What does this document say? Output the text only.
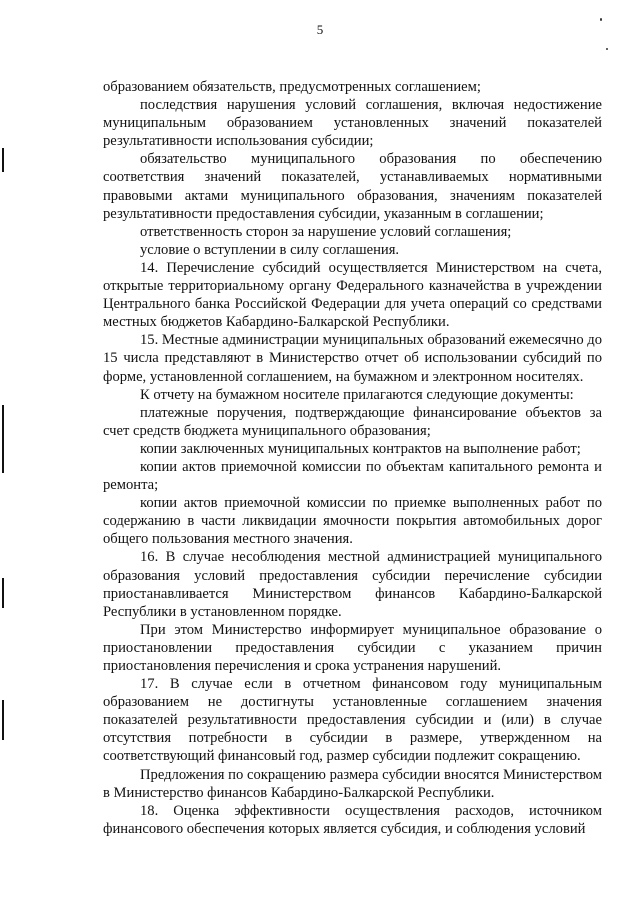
5

образованием обязательств, предусмотренных соглашением;

последствия нарушения условий соглашения, включая недостижение муниципальным образованием установленных значений показателей результативности использования субсидии;

обязательство муниципального образования по обеспечению соответствия значений показателей, устанавливаемых нормативными правовыми актами муниципального образования, значениям показателей результативности предоставления субсидии, указанным в соглашении;

ответственность сторон за нарушение условий соглашения;

условие о вступлении в силу соглашения.

14. Перечисление субсидий осуществляется Министерством на счета, открытые территориальному органу Федерального казначейства в учреждении Центрального банка Российской Федерации для учета операций со средствами местных бюджетов Кабардино-Балкарской Республики.

15. Местные администрации муниципальных образований ежемесячно до 15 числа представляют в Министерство отчет об использовании субсидий по форме, установленной соглашением, на бумажном и электронном носителях.

К отчету на бумажном носителе прилагаются следующие документы:

платежные поручения, подтверждающие финансирование объектов за счет средств бюджета муниципального образования;

копии заключенных муниципальных контрактов на выполнение работ;

копии актов приемочной комиссии по объектам капитального ремонта и ремонта;

копии актов приемочной комиссии по приемке выполненных работ по содержанию в части ликвидации ямочности покрытия автомобильных дорог общего пользования местного значения.

16. В случае несоблюдения местной администрацией муниципального образования условий предоставления субсидии перечисление субсидии приостанавливается Министерством финансов Кабардино-Балкарской Республики в установленном порядке.

При этом Министерство информирует муниципальное образование о приостановлении предоставления субсидии с указанием причин приостановления перечисления и срока устранения нарушений.

17. В случае если в отчетном финансовом году муниципальным образованием не достигнуты установленные соглашением значения показателей результативности предоставления субсидии и (или) в случае отсутствия потребности в субсидии в размере, утвержденном на соответствующий финансовый год, размер субсидии подлежит сокращению.

Предложения по сокращению размера субсидии вносятся Министерством в Министерство финансов Кабардино-Балкарской Республики.

18. Оценка эффективности осуществления расходов, источником финансового обеспечения которых является субсидия, и соблюдения условий
